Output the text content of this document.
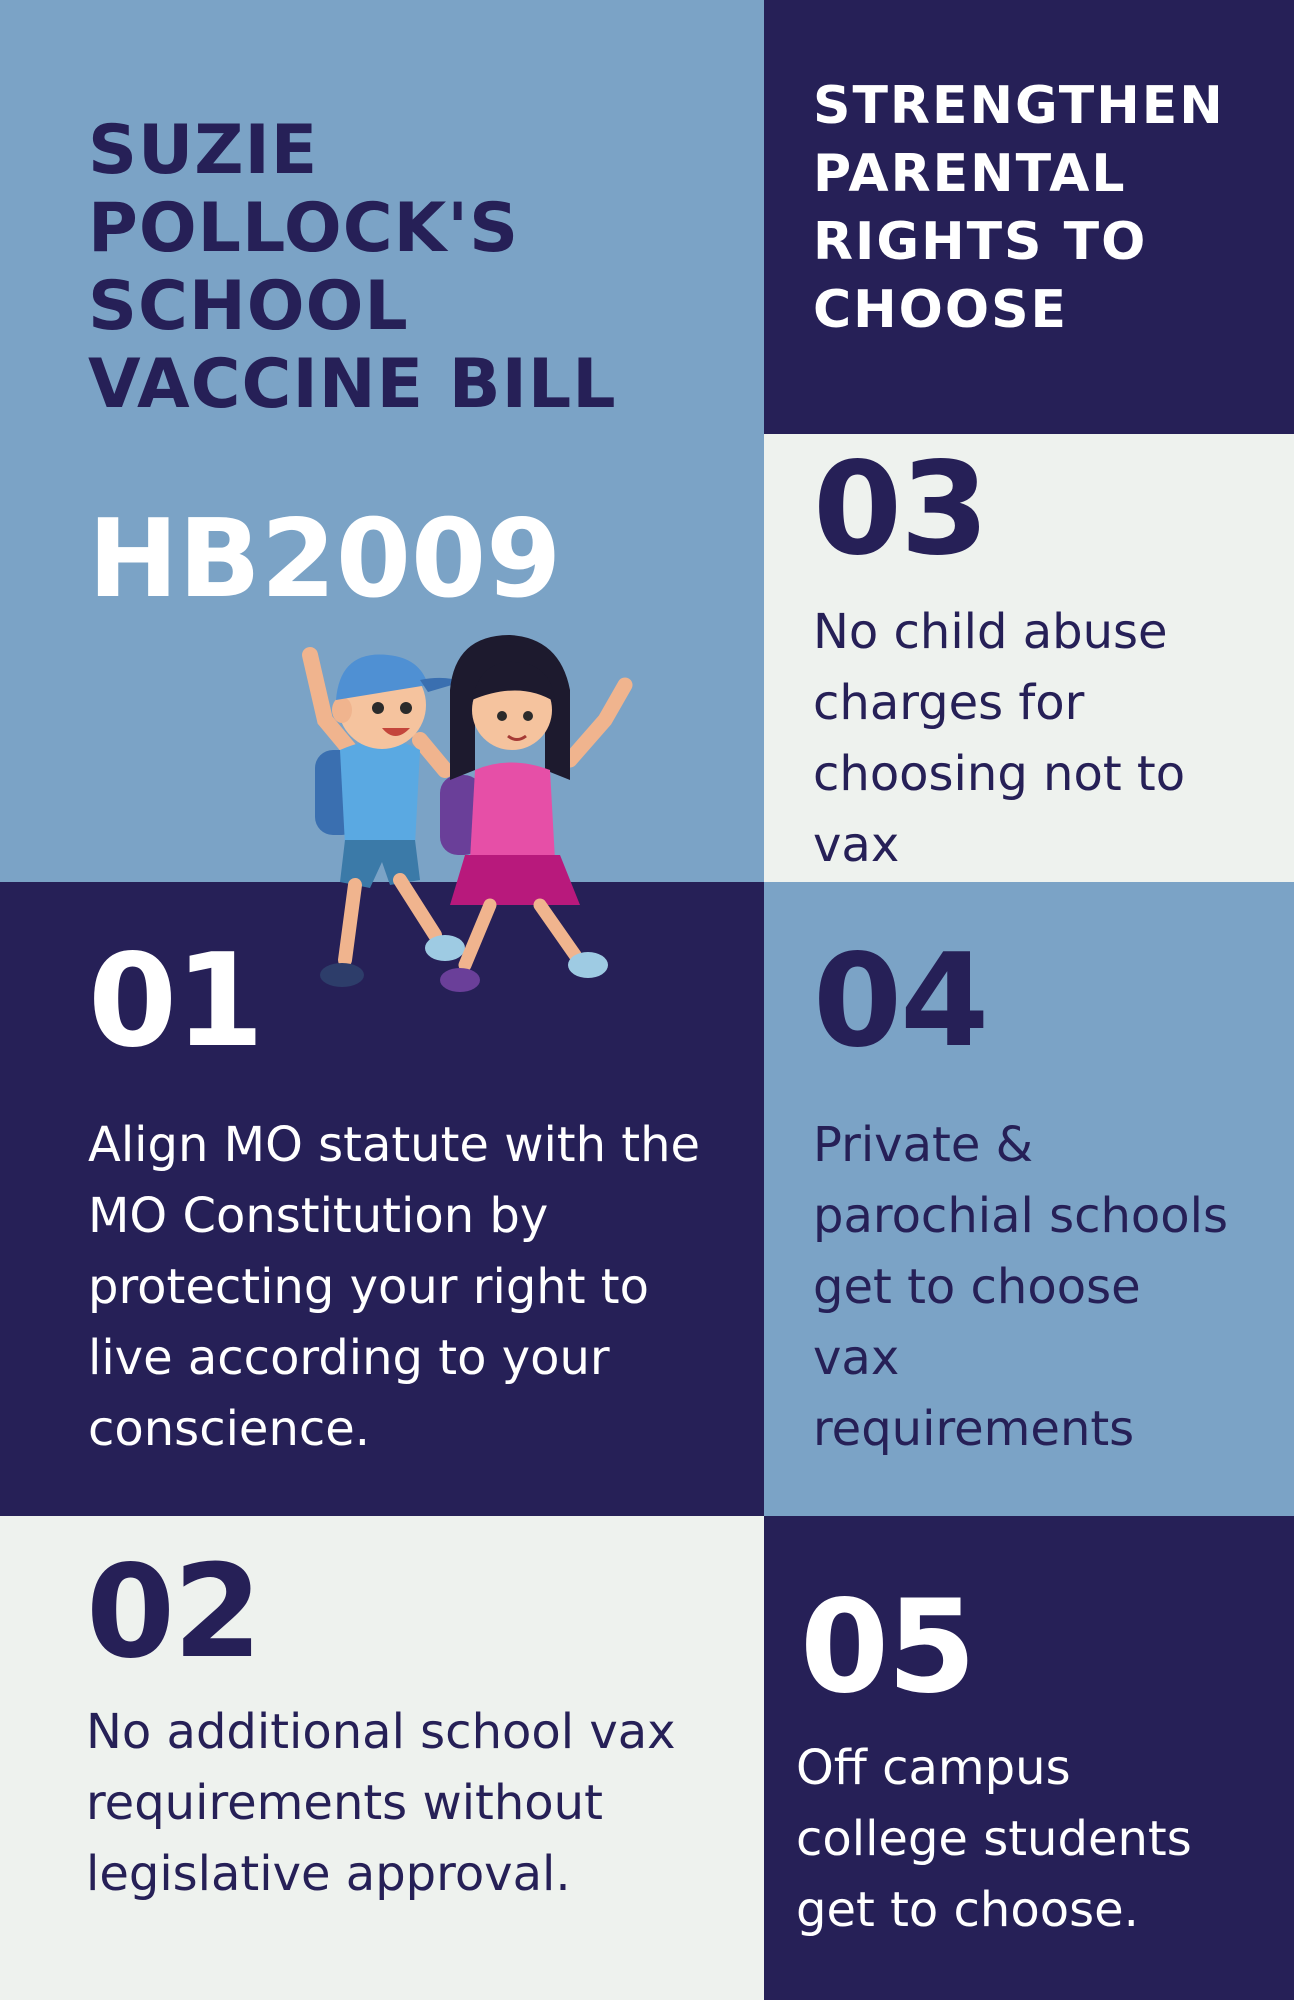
SUZIE
POLLOCK'S
SCHOOL
VACCINE BILL
HB2009
STRENGTHEN
PARENTAL
RIGHTS TO
CHOOSE
03

No child abuse charges for choosing not to vax

01

Align MO statute with the MO Constitution by protecting your right to live according to your conscience.

04

Private & parochial schools get to choose vax requirements

02

No additional school vax requirements without legislative approval.

05

Off campus college students get to choose.
